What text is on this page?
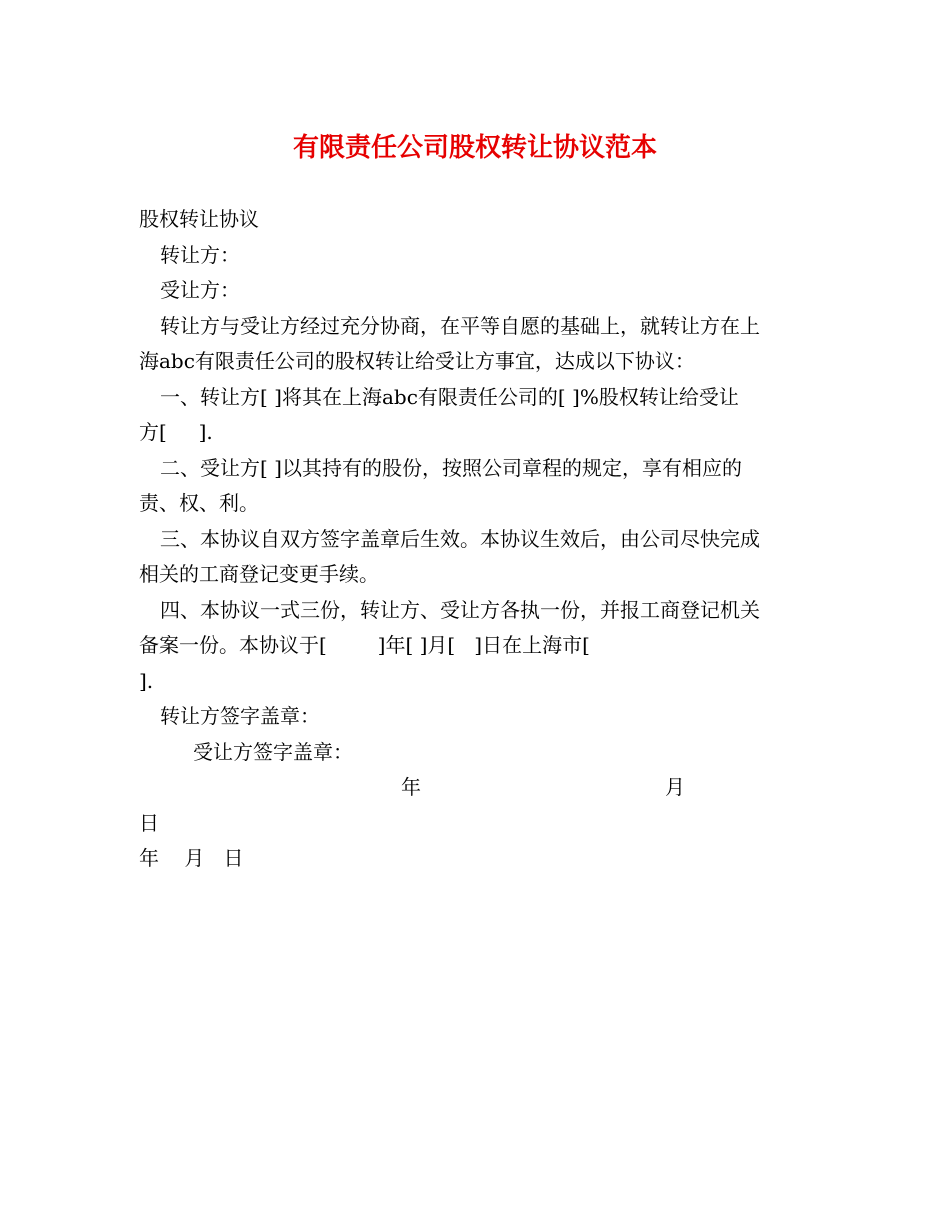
有限责任公司股权转让协议范本

股权转让协议

转让方：

受让方：

转让方与受让方经过充分协商，在平等自愿的基础上，就转让方在上

海abc有限责任公司的股权转让给受让方事宜，达成以下协议：

一、转让方[ ]将其在上海abc有限责任公司的[ ]%股权转让给受让

方[     ].

二、受让方[ ]以其持有的股份，按照公司章程的规定，享有相应的

责、权、利。

三、本协议自双方签字盖章后生效。本协议生效后，由公司尽快完成

相关的工商登记变更手续。

四、本协议一式三份，转让方、受让方各执一份，并报工商登记机关

备案一份。本协议于[        ]年[ ]月[   ]日在上海市[

].

转让方签字盖章：

受让方签字盖章：

年	月

日

年    月   日
